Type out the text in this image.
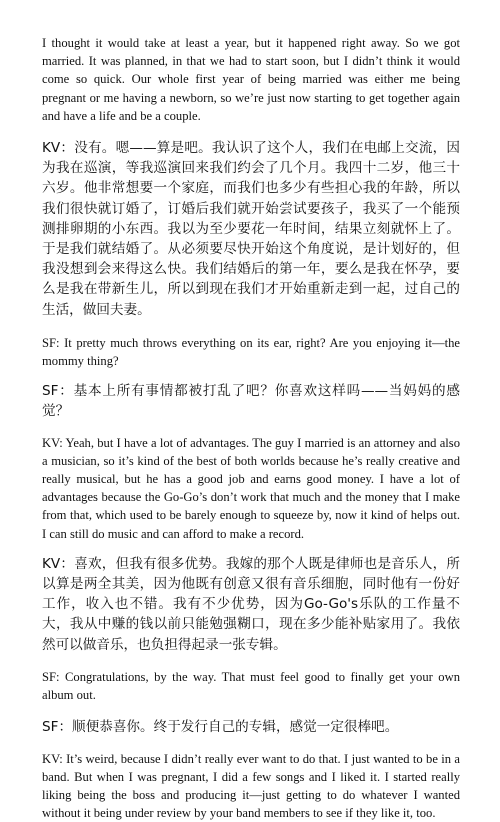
I thought it would take at least a year, but it happened right away. So we got married. It was planned, in that we had to start soon, but I didn’t think it would come so quick. Our whole first year of being married was either me being pregnant or me having a newborn, so we’re just now starting to get together again and have a life and be a couple.

KV：没有。嗯——算是吧。我认识了这个人，我们在电邮上交流，因为我在巡演，等我巡演回来我们约会了几个月。我四十二岁，他三十六岁。他非常想要一个家庭，而我们也多少有些担心我的年龄，所以我们很快就订婚了，订婚后我们就开始尝试要孩子，我买了一个能预测排卵期的小东西。我以为至少要花一年时间，结果立刻就怀上了。于是我们就结婚了。从必须要尽快开始这个角度说，是计划好的，但我没想到会来得这么快。我们结婚后的第一年，要么是我在怀孕，要么是我在带新生儿，所以到现在我们才开始重新走到一起，过自己的生活，做回夫妻。

SF: It pretty much throws everything on its ear, right? Are you enjoying it—the mommy thing?

SF：基本上所有事情都被打乱了吧？你喜欢这样吗——当妈妈的感觉？

KV: Yeah, but I have a lot of advantages. The guy I married is an attorney and also a musician, so it’s kind of the best of both worlds because he’s really creative and really musical, but he has a good job and earns good money. I have a lot of advantages because the Go-Go’s don’t work that much and the money that I make from that, which used to be barely enough to squeeze by, now it kind of helps out. I can still do music and can afford to make a record.

KV：喜欢，但我有很多优势。我嫁的那个人既是律师也是音乐人，所以算是两全其美，因为他既有创意又很有音乐细胞，同时他有一份好工作，收入也不错。我有不少优势，因为Go-Go's乐队的工作量不大，我从中赚的钱以前只能勉强糊口，现在多少能补贴家用了。我依然可以做音乐，也负担得起录一张专辑。

SF: Congratulations, by the way. That must feel good to finally get your own album out.

SF：顺便恭喜你。终于发行自己的专辑，感觉一定很棒吧。

KV: It’s weird, because I didn’t really ever want to do that. I just wanted to be in a band. But when I was pregnant, I did a few songs and I liked it. I started really liking being the boss and producing it—just getting to do whatever I wanted without it being under review by your band members to see if they like it, too.
